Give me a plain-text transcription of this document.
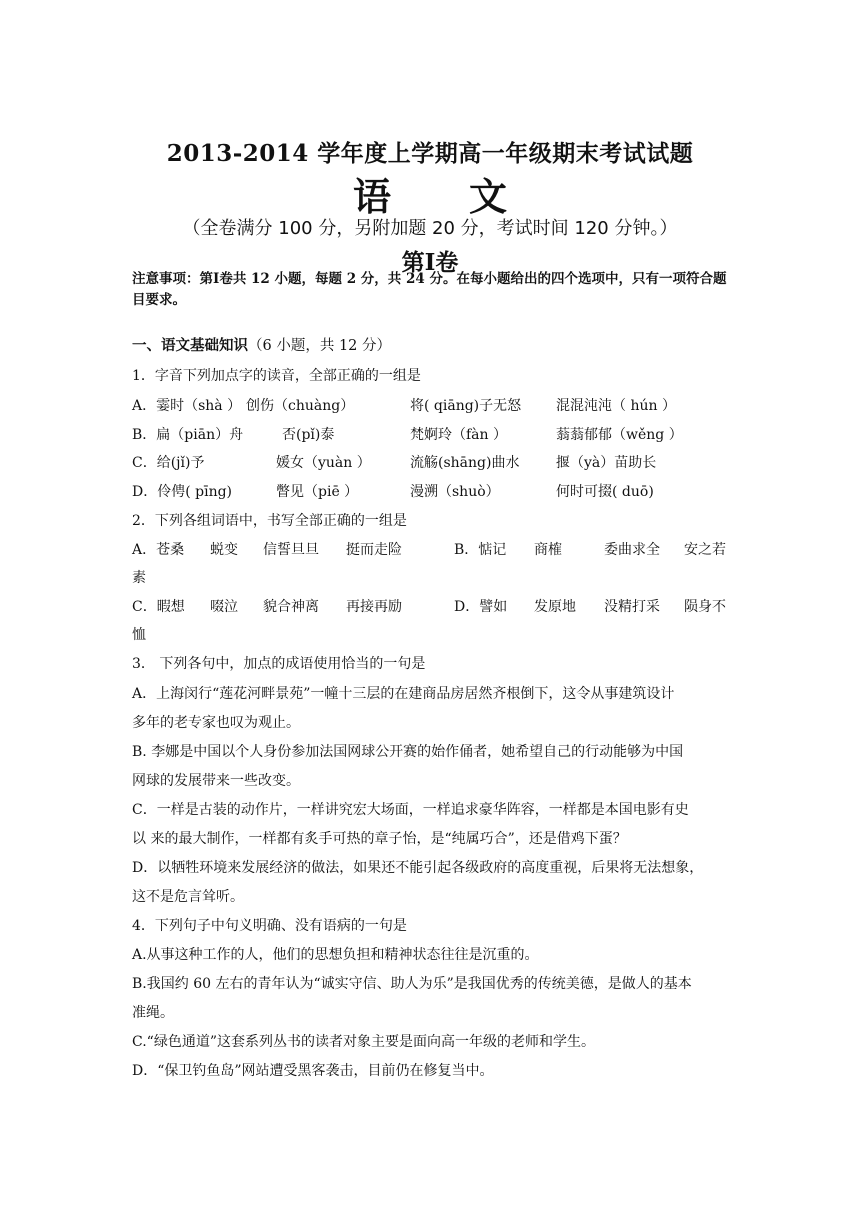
2013-2014 学年度上学期高一年级期末考试试题
语 文
（全卷满分 100 分，另附加题 20 分，考试时间 120 分钟。）
第Ⅰ卷
注意事项：第Ⅰ卷共 12 小题，每题 2 分，共 24 分。在每小题给出的四个选项中，只有一项符合题目要求。
一、语文基础知识（6 小题，共 12 分）
1．字音下列加点字的读音，全部正确的一组是
A．霎时（shà ） 创伤（chuàng）	将( qiāng)子无怒 混混沌沌（ hún ）
B．扁（piān）舟	否(pǐ)泰	梵婀玲（fàn ）	蓊蓊郁郁（wěng ）
C．给(jǐ)予	媛女（yuàn ）	流觞(shāng)曲水	揠（yà）苗助长
D．伶俜( pīng)	瞥见（piē ）	漫溯（shuò）	何时可掇( duō)
2．下列各组词语中，书写全部正确的一组是
A．苍桑 蜕变 信誓旦旦 挺而走险	B．惦记 商榷	委曲求全 安之若
素
C．暇想 啜泣 貌合神离 再接再励	D．譬如 发原地 没精打采 陨身不
恤
3． 下列各句中，加点的成语使用恰当的一句是
A．上海闵行“莲花河畔景苑”一幢十三层的在建商品房居然齐根倒下，这令从事建筑设计
多年的老专家也叹为观止。
B. 李娜是中国以个人身份参加法国网球公开赛的始作俑者，她希望自己的行动能够为中国
网球的发展带来一些改变。
C．一样是古装的动作片，一样讲究宏大场面，一样追求豪华阵容，一样都是本国电影有史
以 来的最大制作，一样都有炙手可热的章子怡，是“纯属巧合”，还是借鸡下蛋？
D．以牺牲环境来发展经济的做法，如果还不能引起各级政府的高度重视，后果将无法想象，
这不是危言耸听。
4．下列句子中句义明确、没有语病的一句是
A.从事这种工作的人，他们的思想负担和精神状态往往是沉重的。
B.我国约 60 左右的青年认为“诚实守信、助人为乐”是我国优秀的传统美德，是做人的基本
准绳。
C.“绿色通道”这套系列丛书的读者对象主要是面向高一年级的老师和学生。
D．“保卫钓鱼岛”网站遭受黑客袭击，目前仍在修复当中。
